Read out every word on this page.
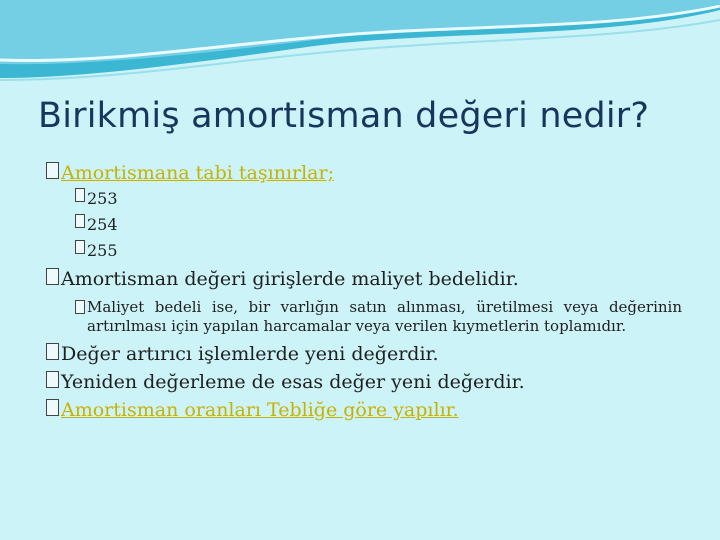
Birikmiş amortisman değeri nedir?
Amortismana tabi taşınırlar;
253
254
255
Amortisman değeri girişlerde maliyet bedelidir.
Maliyet bedeli ise, bir varlığın satın alınması, üretilmesi veya değerinin artırılması için yapılan harcamalar veya verilen kıymetlerin toplamıdır.
Değer artırıcı işlemlerde yeni değerdir.
Yeniden değerleme de esas değer yeni değerdir.
Amortisman oranları Tebliğe göre yapılır.
